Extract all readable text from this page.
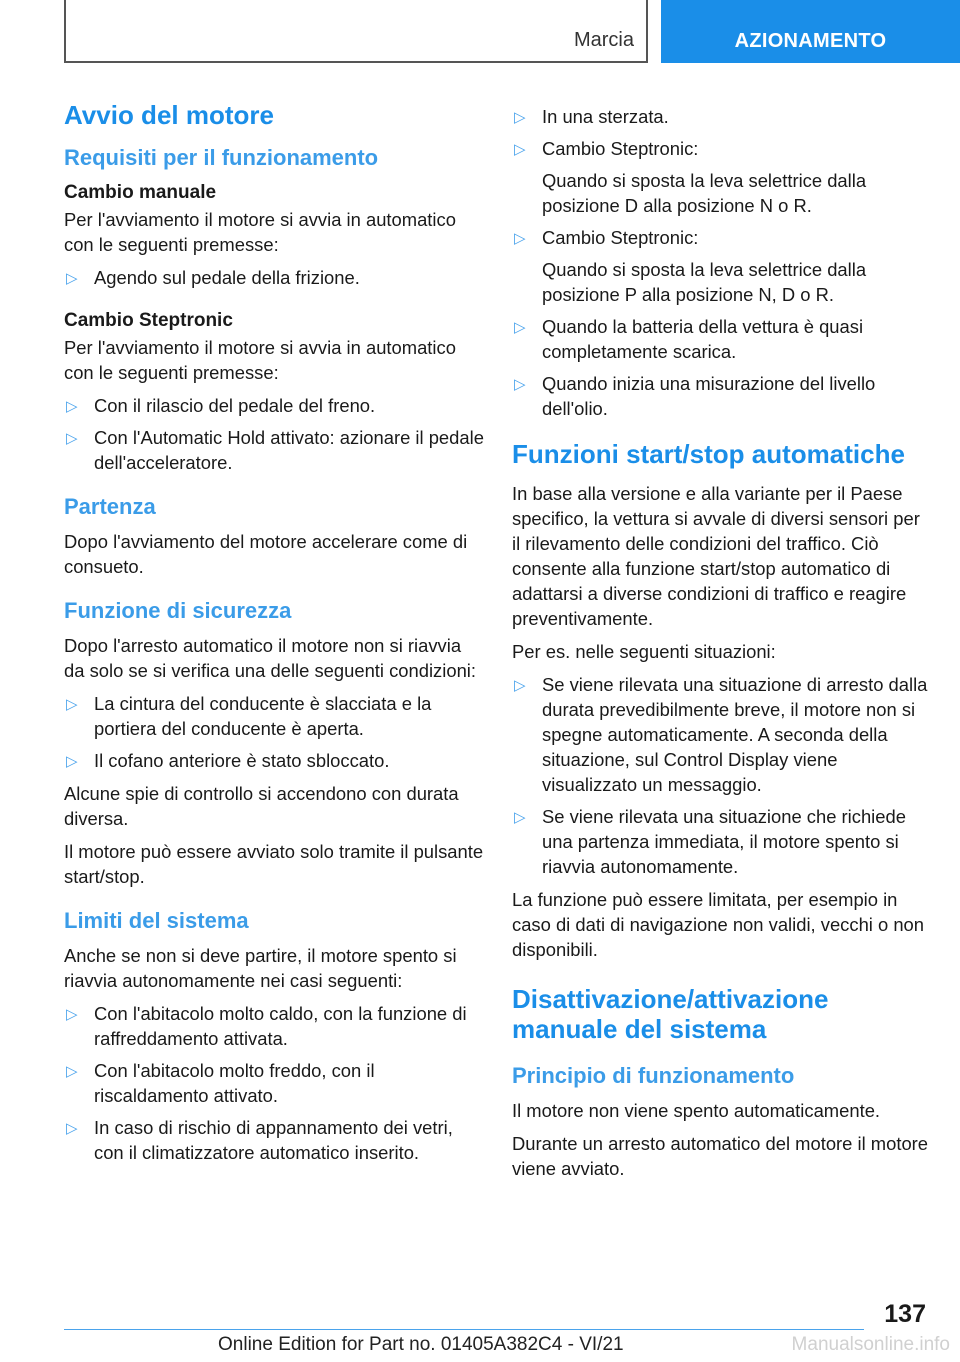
Marcia	AZIONAMENTO
Avvio del motore
Requisiti per il funzionamento
Cambio manuale

Per l'avviamento il motore si avvia in automatico con le seguenti premesse:

▷ Agendo sul pedale della frizione.
Cambio Steptronic

Per l'avviamento il motore si avvia in automatico con le seguenti premesse:

▷ Con il rilascio del pedale del freno.
▷ Con l'Automatic Hold attivato: azionare il pedale dell'acceleratore.
Partenza

Dopo l'avviamento del motore accelerare come di consueto.

Funzione di sicurezza

Dopo l'arresto automatico il motore non si riavvia da solo se si verifica una delle seguenti condizioni:

▷ La cintura del conducente è slacciata e la portiera del conducente è aperta.
▷ Il cofano anteriore è stato sbloccato.

Alcune spie di controllo si accendono con durata diversa.

Il motore può essere avviato solo tramite il pulsante start/stop.

Limiti del sistema

Anche se non si deve partire, il motore spento si riavvia autonomamente nei casi seguenti:

▷ Con l'abitacolo molto caldo, con la funzione di raffreddamento attivata.
▷ Con l'abitacolo molto freddo, con il riscaldamento attivato.
▷ In caso di rischio di appannamento dei vetri, con il climatizzatore automatico inserito.
▷ In una sterzata.
▷ Cambio Steptronic:
Quando si sposta la leva selettrice dalla posizione D alla posizione N o R.
▷ Cambio Steptronic:
Quando si sposta la leva selettrice dalla posizione P alla posizione N, D o R.
▷ Quando la batteria della vettura è quasi completamente scarica.
▷ Quando inizia una misurazione del livello dell'olio.
Funzioni start/stop automatiche

In base alla versione e alla variante per il Paese specifico, la vettura si avvale di diversi sensori per il rilevamento delle condizioni del traffico. Ciò consente alla funzione start/stop automatico di adattarsi a diverse condizioni di traffico e reagire preventivamente.

Per es. nelle seguenti situazioni:

▷ Se viene rilevata una situazione di arresto dalla durata prevedibilmente breve, il motore non si spegne automaticamente. A seconda della situazione, sul Control Display viene visualizzato un messaggio.
▷ Se viene rilevata una situazione che richiede una partenza immediata, il motore spento si riavvia autonomamente.

La funzione può essere limitata, per esempio in caso di dati di navigazione non validi, vecchi o non disponibili.

Disattivazione/attivazione manuale del sistema
Principio di funzionamento

Il motore non viene spento automaticamente.

Durante un arresto automatico del motore il motore viene avviato.

137
Online Edition for Part no. 01405A382C4 - VI/21	Manualsonline.info
